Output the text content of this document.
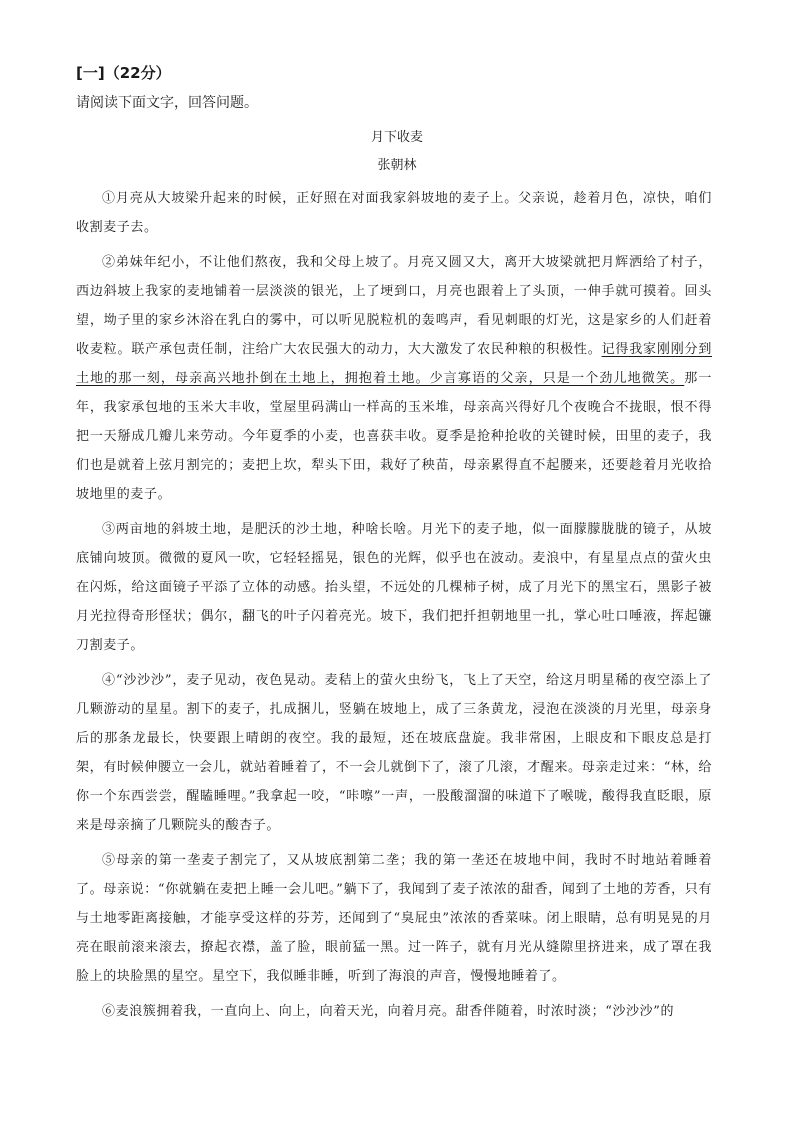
[一]（22分）
请阅读下面文字，回答问题。
月下收麦
张朝林

①月亮从大坡梁升起来的时候，正好照在对面我家斜坡地的麦子上。父亲说，趁着月色，凉快，咱们收割麦子去。

②弟妹年纪小，不让他们熬夜，我和父母上坡了。月亮又圆又大，离开大坡梁就把月辉洒给了村子，西边斜坡上我家的麦地铺着一层淡淡的银光，上了埂到口，月亮也跟着上了头顶，一伸手就可摸着。回头望，坳子里的家乡沐浴在乳白的雾中，可以听见脱粒机的轰鸣声，看见刺眼的灯光，这是家乡的人们赶着收麦粒。联产承包责任制，注给广大农民强大的动力，大大激发了农民种粮的积极性。记得我家刚刚分到土地的那一刻，母亲高兴地扑倒在土地上，拥抱着土地。少言寡语的父亲，只是一个劲儿地微笑。那一年，我家承包地的玉米大丰收，堂屋里码满山一样高的玉米堆，母亲高兴得好几个夜晚合不拢眼，恨不得把一天掰成几瓣儿来劳动。今年夏季的小麦，也喜获丰收。夏季是抢种抢收的关键时候，田里的麦子，我们也是就着上弦月割完的；麦把上坎，犁头下田，栽好了秧苗，母亲累得直不起腰来，还要趁着月光收拾坡地里的麦子。

③两亩地的斜坡土地，是肥沃的沙土地，种啥长啥。月光下的麦子地，似一面朦朦胧胧的镜子，从坡底铺向坡顶。微微的夏风一吹，它轻轻摇晃，银色的光辉，似乎也在波动。麦浪中，有星星点点的萤火虫在闪烁，给这面镜子平添了立体的动感。抬头望，不远处的几棵柿子树，成了月光下的黑宝石，黑影子被月光拉得奇形怪状；偶尔，翻飞的叶子闪着亮光。坡下，我们把扦担朝地里一扎，掌心吐口唾液，挥起镰刀割麦子。

④“沙沙沙”，麦子见动，夜色晃动。麦秸上的萤火虫纷飞，飞上了天空，给这月明星稀的夜空添上了几颗游动的星星。割下的麦子，扎成捆儿，竖躺在坡地上，成了三条黄龙，浸泡在淡淡的月光里，母亲身后的那条龙最长，快要跟上晴朗的夜空。我的最短，还在坡底盘旋。我非常困，上眼皮和下眼皮总是打架，有时候伸腰立一会儿，就站着睡着了，不一会儿就倒下了，滚了几滚，才醒来。母亲走过来：“林，给你一个东西尝尝，醒瞌睡哩。”我拿起一咬，“咔嚓”一声，一股酸溜溜的味道下了喉咙，酸得我直眨眼，原来是母亲摘了几颗院头的酸杏子。

⑤母亲的第一垄麦子割完了，又从坡底割第二垄；我的第一垄还在坡地中间，我时不时地站着睡着了。母亲说：“你就躺在麦把上睡一会儿吧。”躺下了，我闻到了麦子浓浓的甜香，闻到了土地的芳香，只有与土地零距离接触，才能享受这样的芬芳，还闻到了“臭屁虫”浓浓的香菜味。闭上眼睛，总有明晃晃的月亮在眼前滚来滚去，撩起衣襟，盖了脸，眼前猛一黑。过一阵子，就有月光从缝隙里挤进来，成了罩在我脸上的块脸黑的星空。星空下，我似睡非睡，听到了海浪的声音，慢慢地睡着了。

⑥麦浪簇拥着我，一直向上、向上，向着天光，向着月亮。甜香伴随着，时浓时淡；“沙沙沙”的
